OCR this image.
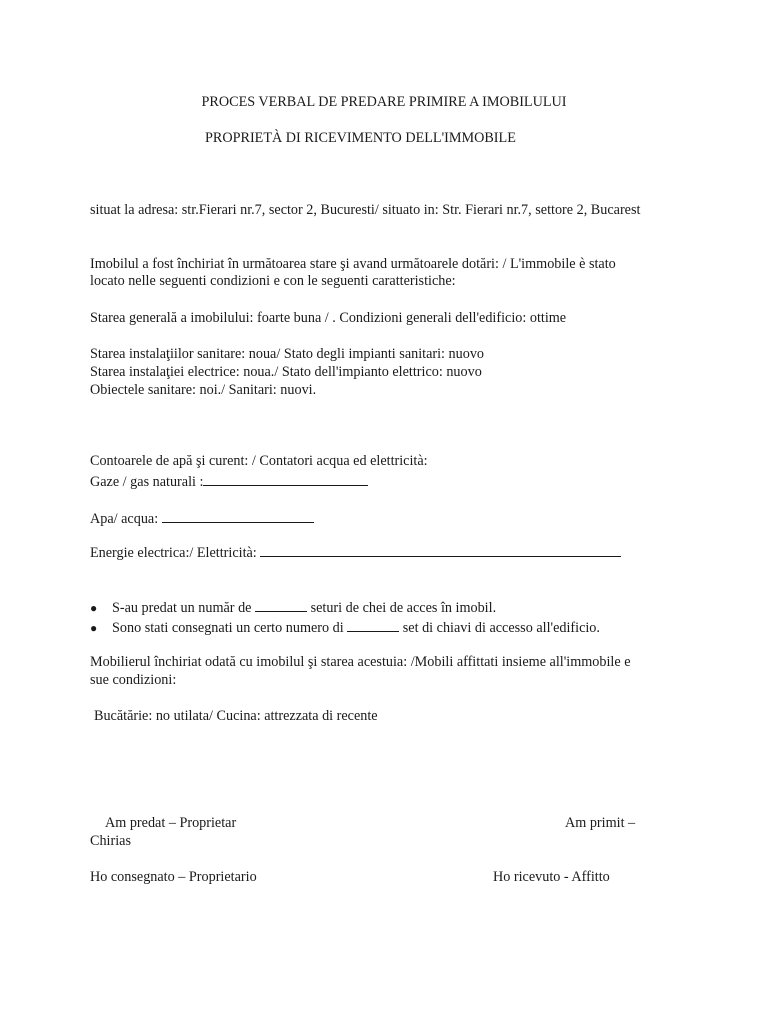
PROCES VERBAL DE PREDARE PRIMIRE A IMOBILULUI
PROPRIETÀ DI RICEVIMENTO DELL'IMMOBILE
situat la adresa: str.Fierari nr.7, sector 2, Bucuresti/ situato in: Str. Fierari nr.7, settore 2, Bucarest
Imobilul a fost închiriat în următoarea stare şi avand următoarele dotări: / L'immobile è stato
locato nelle seguenti condizioni e con le seguenti caratteristiche:
Starea generală a imobilului: foarte buna / . Condizioni generali dell'edificio: ottime
Starea instalaţiilor sanitare: noua/ Stato degli impianti sanitari: nuovo
Starea instalaţiei electrice: noua./ Stato dell'impianto elettrico: nuovo
Obiectele sanitare: noi./ Sanitari: nuovi.
Contoarele de apă şi curent: / Contatori acqua ed elettricità:
Gaze / gas naturali :
Apa/ acqua:
Energie electrica:/ Elettricità:
● S-au predat un număr de	seturi de chei de acces în imobil.
● Sono stati consegnati un certo numero di	set di chiavi di accesso all'edificio.
Mobilierul închiriat odată cu imobilul şi starea acestuia: /Mobili affittati insieme all'immobile e
sue condizioni:
Bucătărie: no utilata/ Cucina: attrezzata di recente
Am predat – Proprietar	Am primit –
Chirias
Ho consegnato – Proprietario	Ho ricevuto - Affitto
